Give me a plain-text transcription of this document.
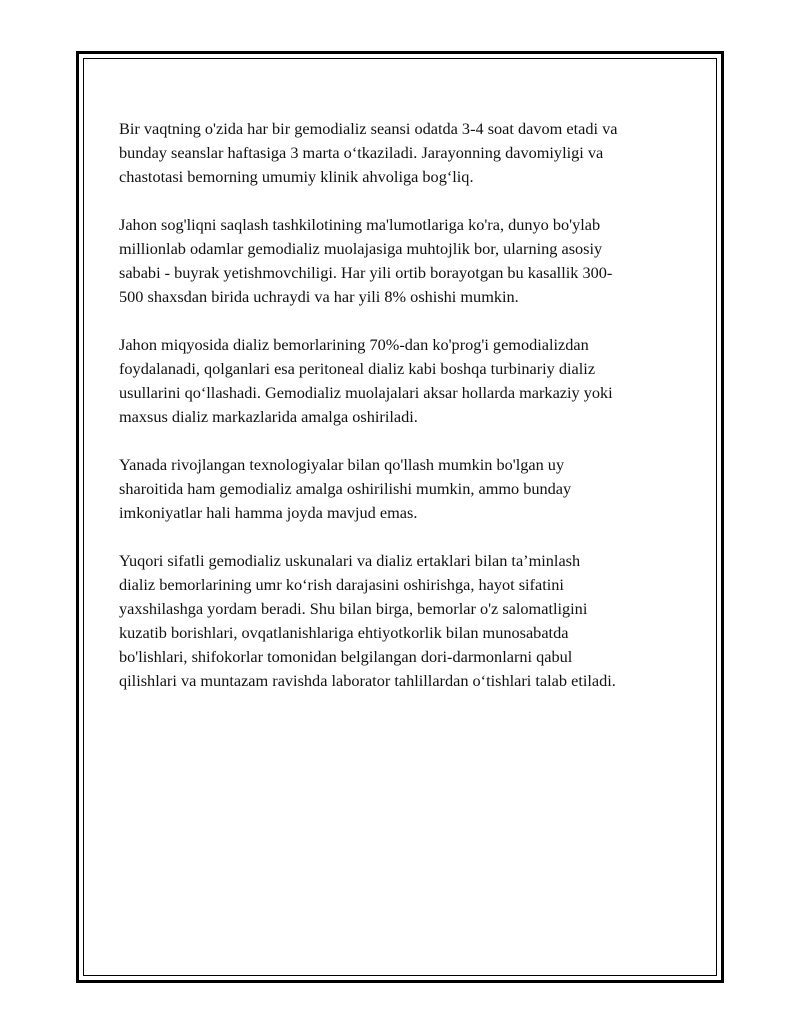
Bir vaqtning o'zida har bir gemodializ seansi odatda 3-4 soat davom etadi va
bunday seanslar haftasiga 3 marta o‘tkaziladi. Jarayonning davomiyligi va
chastotasi bemorning umumiy klinik ahvoliga bog‘liq.

Jahon sog'liqni saqlash tashkilotining ma'lumotlariga ko'ra, dunyo bo'ylab
millionlab odamlar gemodializ muolajasiga muhtojlik bor, ularning asosiy
sababi - buyrak yetishmovchiligi. Har yili ortib borayotgan bu kasallik 300-
500 shaxsdan birida uchraydi va har yili 8% oshishi mumkin.

Jahon miqyosida dializ bemorlarining 70%-dan ko'prog'i gemodializdan
foydalanadi, qolganlari esa peritoneal dializ kabi boshqa turbinariy dializ
usullarini qo‘llashadi. Gemodializ muolajalari aksar hollarda markaziy yoki
maxsus dializ markazlarida amalga oshiriladi.

Yanada rivojlangan texnologiyalar bilan qo'llash mumkin bo'lgan uy
sharoitida ham gemodializ amalga oshirilishi mumkin, ammo bunday
imkoniyatlar hali hamma joyda mavjud emas.

Yuqori sifatli gemodializ uskunalari va dializ ertaklari bilan ta’minlash
dializ bemorlarining umr ko‘rish darajasini oshirishga, hayot sifatini
yaxshilashga yordam beradi. Shu bilan birga, bemorlar o'z salomatligini
kuzatib borishlari, ovqatlanishlariga ehtiyotkorlik bilan munosabatda
bo'lishlari, shifokorlar tomonidan belgilangan dori-darmonlarni qabul
qilishlari va muntazam ravishda laborator tahlillardan o‘tishlari talab etiladi.
